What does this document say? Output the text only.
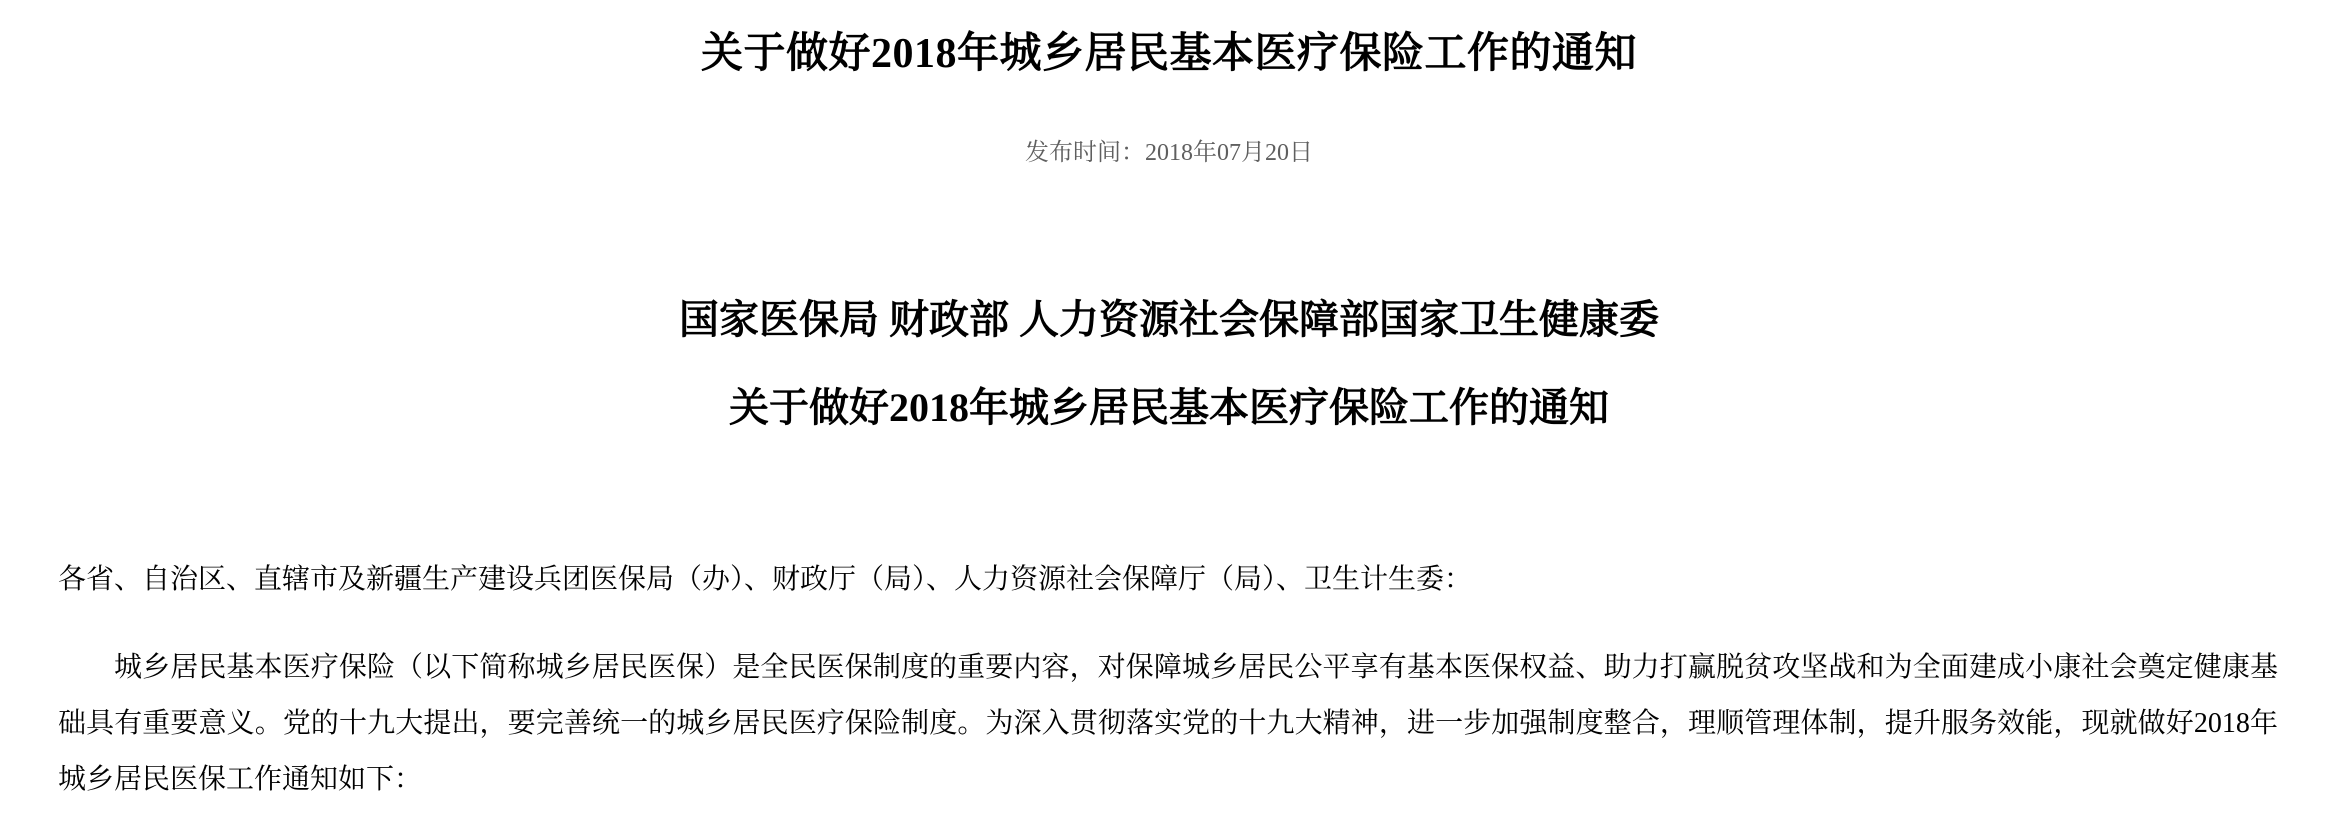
关于做好2018年城乡居民基本医疗保险工作的通知
发布时间：2018年07月20日
国家医保局 财政部 人力资源社会保障部国家卫生健康委
关于做好2018年城乡居民基本医疗保险工作的通知

各省、自治区、直辖市及新疆生产建设兵团医保局（办）、财政厅（局）、人力资源社会保障厅（局）、卫生计生委：

城乡居民基本医疗保险（以下简称城乡居民医保）是全民医保制度的重要内容，对保障城乡居民公平享有基本医保权益、助力打赢脱贫攻坚战和为全面建成小康社会奠定健康基础具有重要意义。党的十九大提出，要完善统一的城乡居民医疗保险制度。为深入贯彻落实党的十九大精神，进一步加强制度整合，理顺管理体制，提升服务效能，现就做好2018年城乡居民医保工作通知如下：
